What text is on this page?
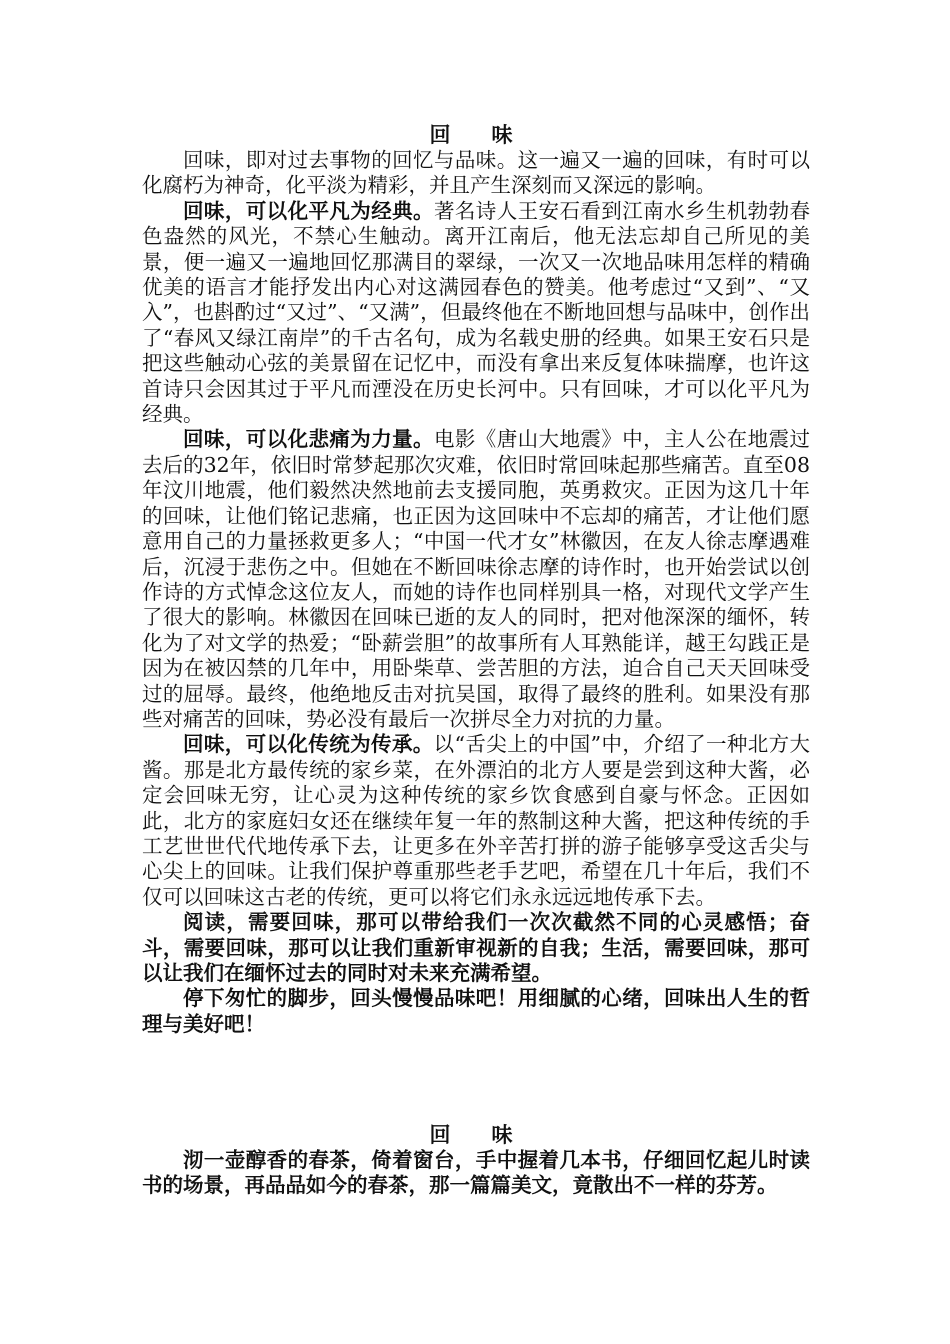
回　味

回味，即对过去事物的回忆与品味。这一遍又一遍的回味，有时可以化腐朽为神奇，化平淡为精彩，并且产生深刻而又深远的影响。

回味，可以化平凡为经典。著名诗人王安石看到江南水乡生机勃勃春色盎然的风光，不禁心生触动。离开江南后，他无法忘却自己所见的美景，便一遍又一遍地回忆那满目的翠绿，一次又一次地品味用怎样的精确优美的语言才能抒发出内心对这满园春色的赞美。他考虑过“又到”、“又入”，也斟酌过“又过”、“又满”，但最终他在不断地回想与品味中，创作出了“春风又绿江南岸”的千古名句，成为名载史册的经典。如果王安石只是把这些触动心弦的美景留在记忆中，而没有拿出来反复体味揣摩，也许这首诗只会因其过于平凡而湮没在历史长河中。只有回味，才可以化平凡为经典。

回味，可以化悲痛为力量。电影《唐山大地震》中，主人公在地震过去后的32年，依旧时常梦起那次灾难，依旧时常回味起那些痛苦。直至08年汶川地震，他们毅然决然地前去支援同胞，英勇救灾。正因为这几十年的回味，让他们铭记悲痛，也正因为这回味中不忘却的痛苦，才让他们愿意用自己的力量拯救更多人；“中国一代才女”林徽因，在友人徐志摩遇难后，沉浸于悲伤之中。但她在不断回味徐志摩的诗作时，也开始尝试以创作诗的方式悼念这位友人，而她的诗作也同样别具一格，对现代文学产生了很大的影响。林徽因在回味已逝的友人的同时，把对他深深的缅怀，转化为了对文学的热爱；“卧薪尝胆”的故事所有人耳熟能详，越王勾践正是因为在被囚禁的几年中，用卧柴草、尝苦胆的方法，迫合自己天天回味受过的屈辱。最终，他绝地反击对抗吴国，取得了最终的胜利。如果没有那些对痛苦的回味，势必没有最后一次拼尽全力对抗的力量。

回味，可以化传统为传承。以“舌尖上的中国”中，介绍了一种北方大酱。那是北方最传统的家乡菜，在外漂泊的北方人要是尝到这种大酱，必定会回味无穷，让心灵为这种传统的家乡饮食感到自豪与怀念。正因如此，北方的家庭妇女还在继续年复一年的熬制这种大酱，把这种传统的手工艺世世代代地传承下去，让更多在外辛苦打拼的游子能够享受这舌尖与心尖上的回味。让我们保护尊重那些老手艺吧，希望在几十年后，我们不仅可以回味这古老的传统，更可以将它们永永远远地传承下去。

阅读，需要回味，那可以带给我们一次次截然不同的心灵感悟；奋斗，需要回味，那可以让我们重新审视新的自我；生活，需要回味，那可以让我们在缅怀过去的同时对未来充满希望。

停下匆忙的脚步，回头慢慢品味吧！用细腻的心绪，回味出人生的哲理与美好吧！

回　味

沏一壶醇香的春茶，倚着窗台，手中握着几本书，仔细回忆起儿时读书的场景，再品品如今的春茶，那一篇篇美文，竟散出不一样的芬芳。
